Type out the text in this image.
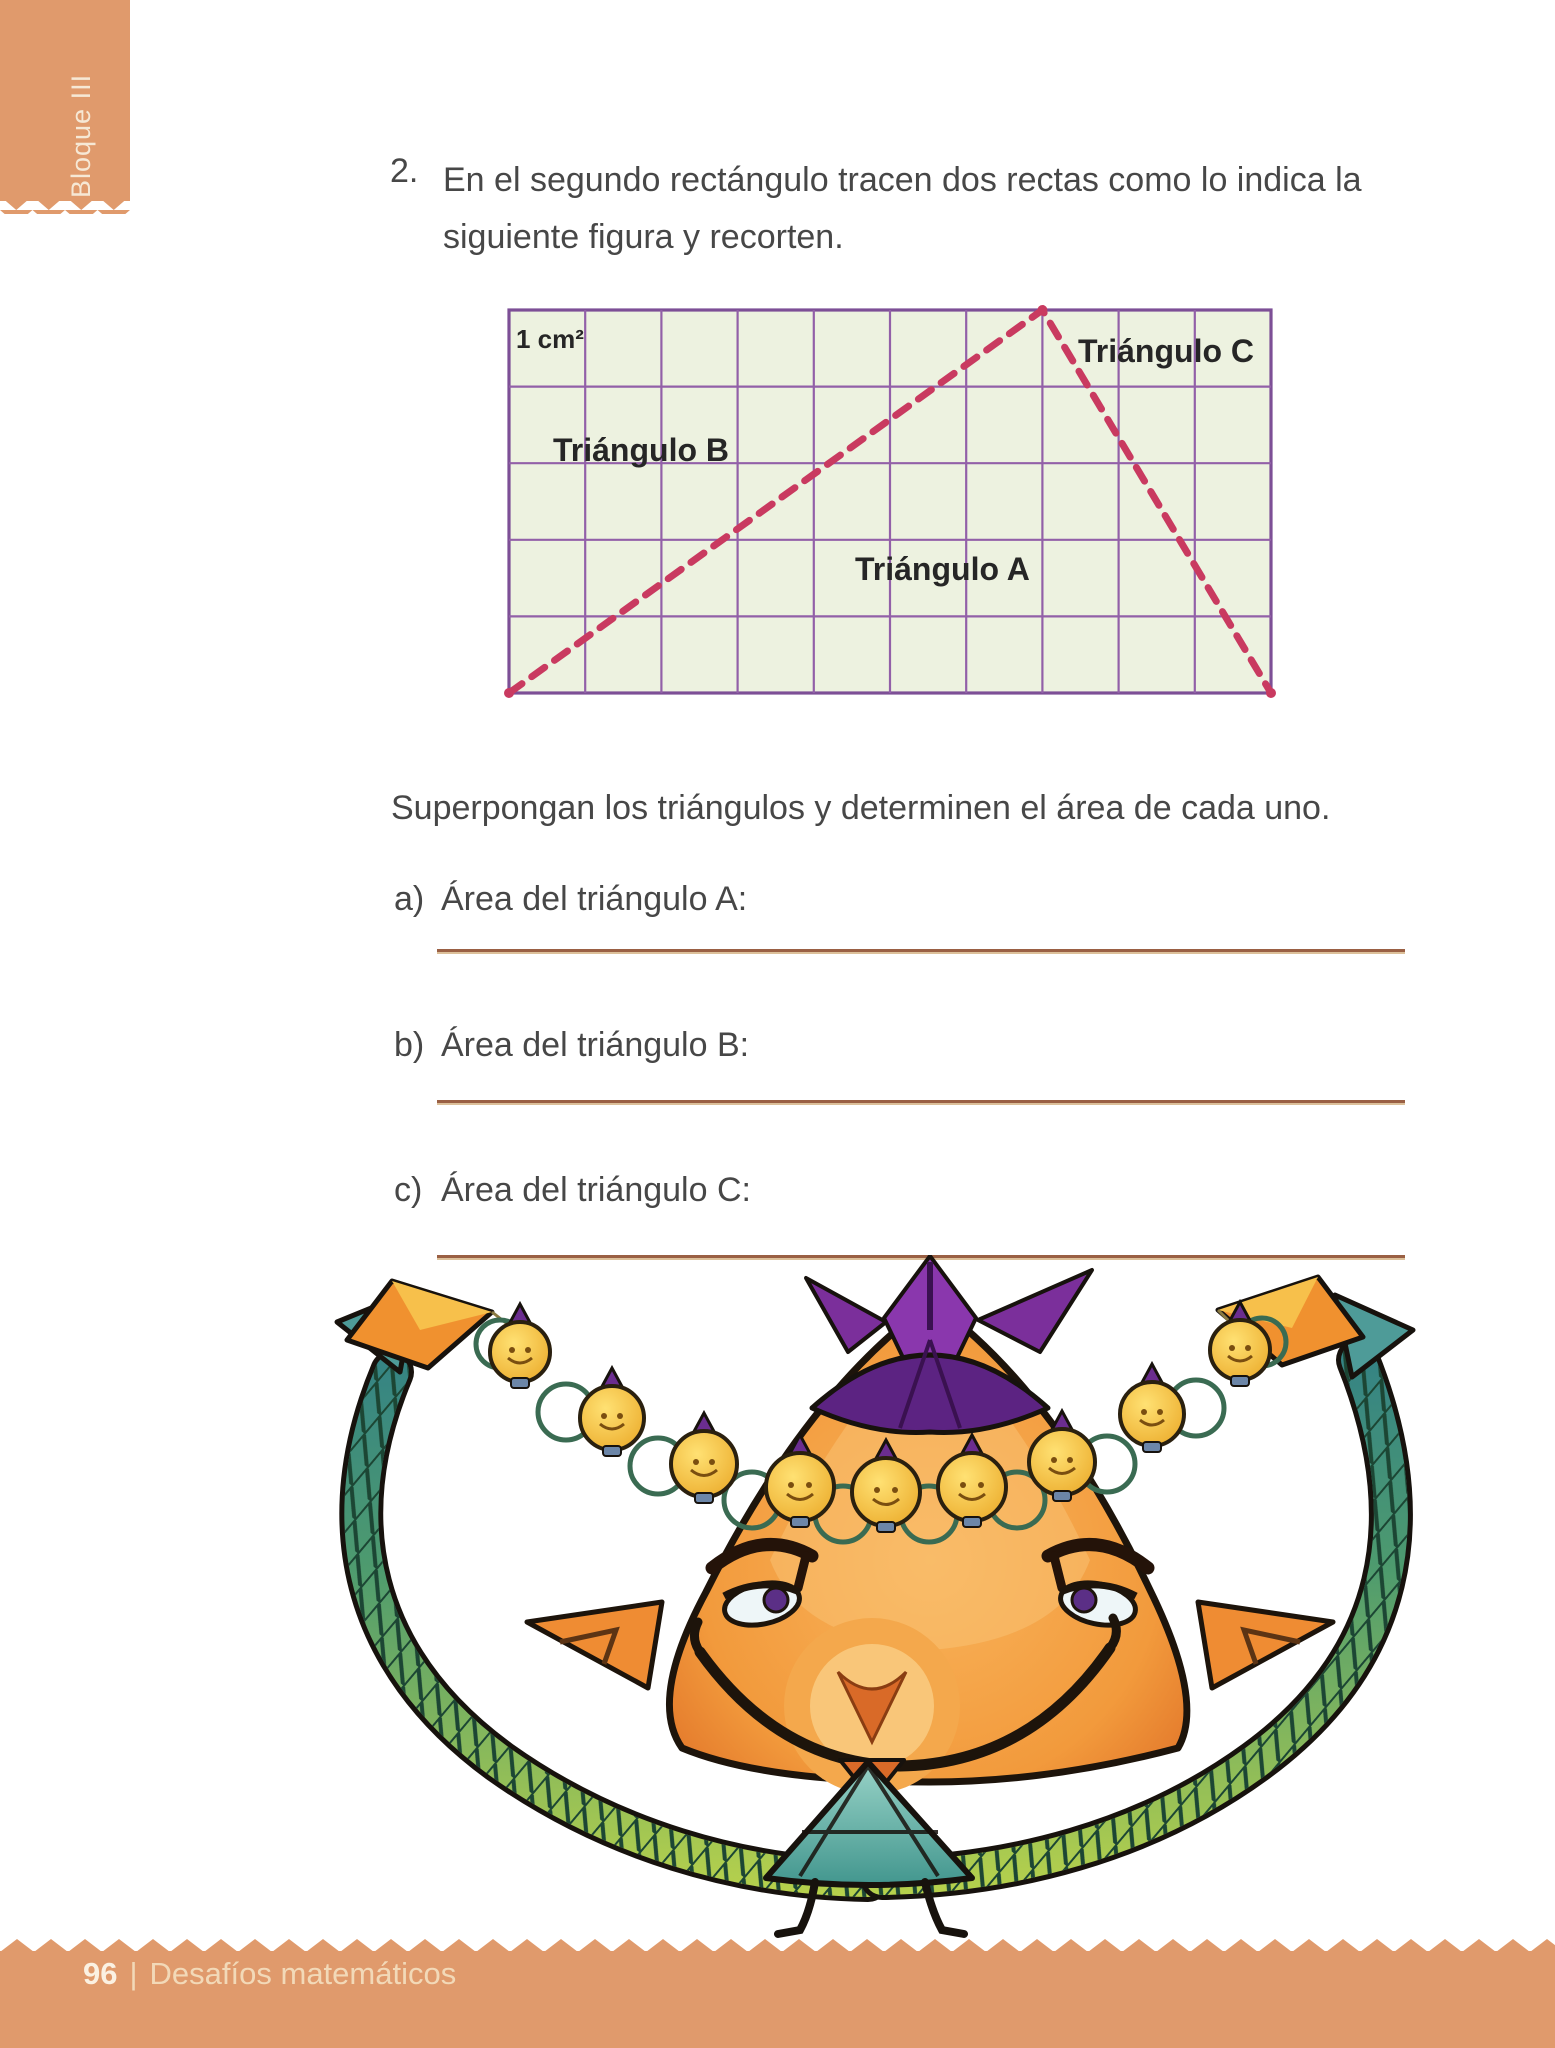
Bloque III	2. En el segundo rectángulo tracen dos rectas como lo indica la
siguiente figura y recorten.
1 cm²
Triángulo B
Triángulo A
Triángulo C
Superpongan los triángulos y determinen el área de cada uno.
a) Área del triángulo A:
b) Área del triángulo B:
c) Área del triángulo C:
96 | Desafíos matemáticos
